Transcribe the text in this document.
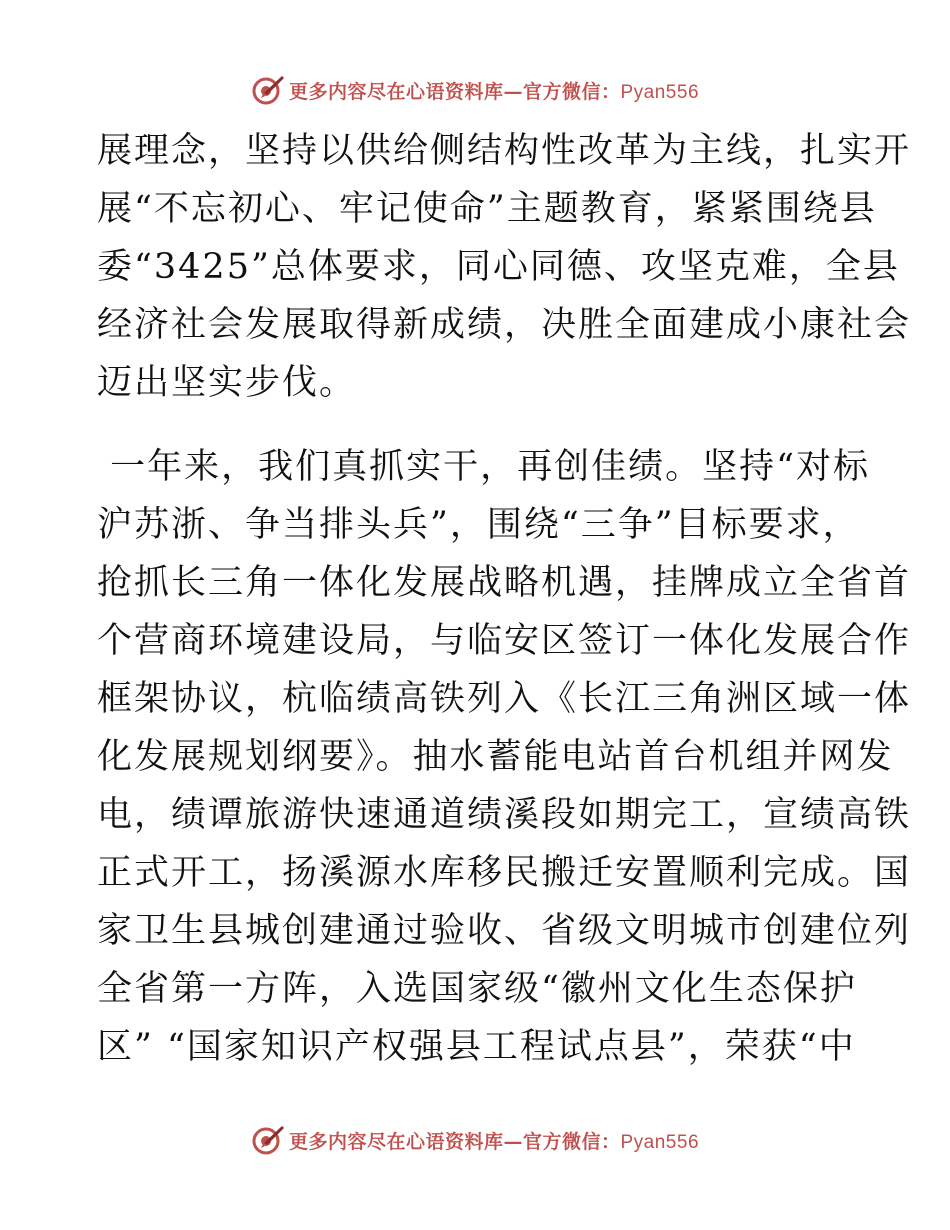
更多内容尽在心语资料库—官方微信：Pyan556
展理念，坚持以供给侧结构性改革为主线，扎实开
展“不忘初心、牢记使命”主题教育，紧紧围绕县
委“3425”总体要求，同心同德、攻坚克难，全县
经济社会发展取得新成绩，决胜全面建成小康社会
迈出坚实步伐。
一年来，我们真抓实干，再创佳绩。坚持“对标
沪苏浙、争当排头兵”，围绕“三争”目标要求，
抢抓长三角一体化发展战略机遇，挂牌成立全省首
个营商环境建设局，与临安区签订一体化发展合作
框架协议，杭临绩高铁列入《长江三角洲区域一体
化发展规划纲要》。抽水蓄能电站首台机组并网发
电，绩谭旅游快速通道绩溪段如期完工，宣绩高铁
正式开工，扬溪源水库移民搬迁安置顺利完成。国
家卫生县城创建通过验收、省级文明城市创建位列
全省第一方阵，入选国家级“徽州文化生态保护
区” “国家知识产权强县工程试点县”，荣获“中
更多内容尽在心语资料库—官方微信：Pyan556
